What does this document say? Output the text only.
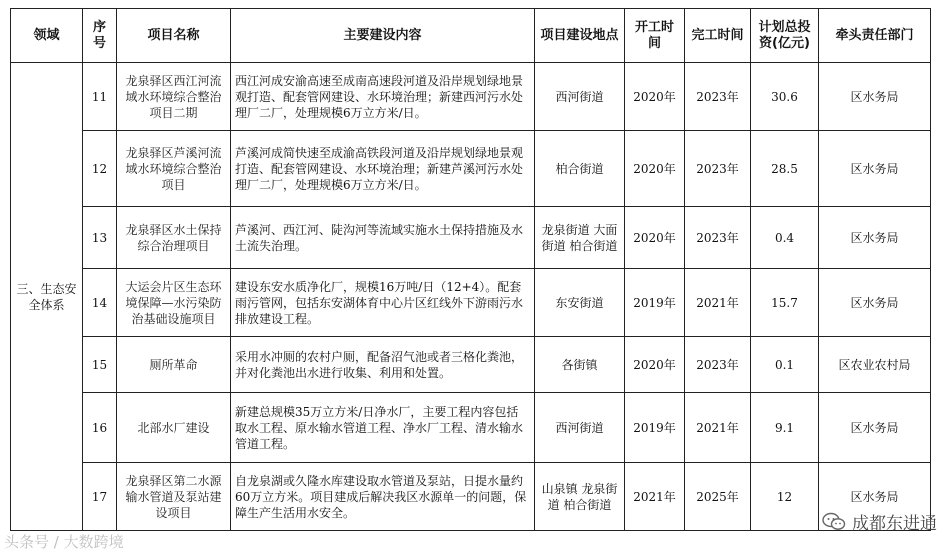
领域	序号	项目名称	主要建设内容	项目建设地点	开工时间	完工时间	计划总投资(亿元)	牵头责任部门
三、生态安全体系	11	龙泉驿区西江河流域水环境综合整治项目二期	西江河成安渝高速至成南高速段河道及沿岸规划绿地景观打造、配套管网建设、水环境治理；新建西河污水处理厂二厂，处理规模6万立方米/日。	西河街道	2020年	2023年	30.6	区水务局
	12	龙泉驿区芦溪河流域水环境综合整治项目	芦溪河成简快速至成渝高铁段河道及沿岸规划绿地景观打造、配套管网建设、水环境治理；新建芦溪河污水处理厂二厂，处理规模6万立方米/日。	柏合街道	2020年	2023年	28.5	区水务局
	13	龙泉驿区水土保持综合治理项目	芦溪河、西江河、陡沟河等流域实施水土保持措施及水土流失治理。	龙泉街道 大面街道 柏合街道	2020年	2023年	0.4	区水务局
	14	大运会片区生态环境保障—水污染防治基础设施项目	建设东安水质净化厂，规模16万吨/日（12+4）。配套雨污管网，包括东安湖体育中心片区红线外下游雨污水排放建设工程。	东安街道	2019年	2021年	15.7	区水务局
	15	厕所革命	采用水冲厕的农村户厕，配备沼气池或者三格化粪池，并对化粪池出水进行收集、利用和处置。	各街镇	2020年	2023年	0.1	区农业农村局
	16	北部水厂建设	新建总规模35万立方米/日净水厂，主要工程内容包括取水工程、原水输水管道工程、净水厂工程、清水输水管道工程。	西河街道	2019年	2021年	9.1	区水务局
	17	龙泉驿区第二水源输水管道及泵站建设项目	自龙泉湖或久隆水库建设取水管道及泵站，日提水量约60万立方米。项目建成后解决我区水源单一的问题，保障生产生活用水安全。	山泉镇 龙泉街道 柏合街道	2021年	2025年	12	区水务局
头条号 / 大数跨境
成都东进通
